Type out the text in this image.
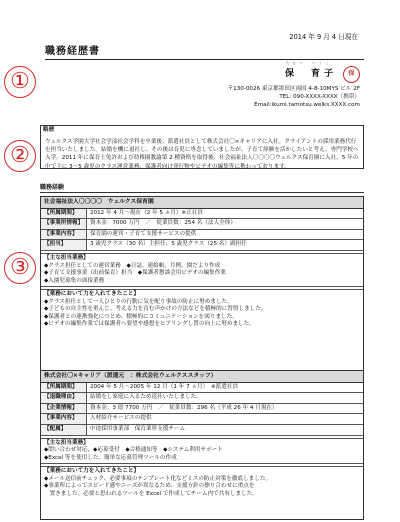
2014 年 9 月 4 日現在
職務経歴書
①
②
③
たもつ　いくこ
保　育子	保
〒130-0026 東京都墨田区両国 4-8-10MYS ビル 2F
TEL: 090-XXXX-XXXX（携帯）
Email:ikumi.tamotsu.welks.XXXX.com
略歴
ウェルクス学園大学社会学部社会学科を卒業後、派遣社員として株式会社〇×キャリアに入社。クライアントの採用業務代行を担当いたしました。結婚を機に退社し、その後は育児に専念していましたが、子育て経験を活かしたいと考え、専門学校へ入学。2011 年に保育士免許および幼稚園教諭第 2 種資格を取得後、社会福祉法人〇〇〇〇ウェルクス保育園に入社。5 年の中で主に 3～5 歳児のクラス運営業務、保護者向け発行物やビデオの編集等に携わっております。
職務経験
社会福祉法人〇〇〇〇　ウェルクス保育園
【所属期間】	2012 年 4 月～現在（2 年 5 ヵ月）※正社員
【事業所情報】	資本金：7000 万円　／　従業員数：254 名（法人全体）
【事業内容】	保育園の運営・子育て支援サービスの提供
【担当】	3 歳児クラス（30 名）主担任、5 歳児クラス（25 名）副担任
【主な担当業務】
◆クラス担任としての運営業務　◆日誌、連絡帳、月例、園だより作成
◆子育て支援事業（出前保育）担当　◆保護者懇談会用ビデオの編集作業
◆入園児募集の面接業務
【業務において力を入れてきたこと】
◆クラス担任として一人ひとりの行動に気を配り事故の防止に努めました。
◆子どもの自主性を重んじ、考える力を育む声かけの方法などを積極的に習得しました。
◆保護者との連携強化につとめ、積極的にコミュニケーションを図りました。
◆ビデオの編集作業では保護者へ要望や感想をヒアリングし質の向上に努めました。
株式会社〇×キャリア（派遣元　：株式会社ウェルクススタッフ）
【所属期間】	2004 年 5 月～2005 年 12 月（1 年 7 ヵ月）　※派遣社員
【退職理由】	結婚をし家庭に入るため退社いたしました。
【企業情報】	資本金：3 億 7700 万円　／　従業員数：296 名（平成 26 年 4 月現在）
【事業内容】	人材紹介サービスの提供
【配属】	中途採用事業部　保育業界支援チーム
【主な担当業務】
◆問い合わせ対応、◆応募受付　◆合格通知等　◆システム利用サポート
◆Excel 等を使用した、簡単な応募管理ツールの作成
【業務において力を入れてきたこと】
◆メール送信前チェック、必要事項のテンプレート化などミスの防止対策を徹底しました。
◆事業所によってスピード感やニーズが異なるため、支援方針の擦り合わせに重点を
　置きました。必要と思われるツールを Excel で作成してチーム内で共有しました。
